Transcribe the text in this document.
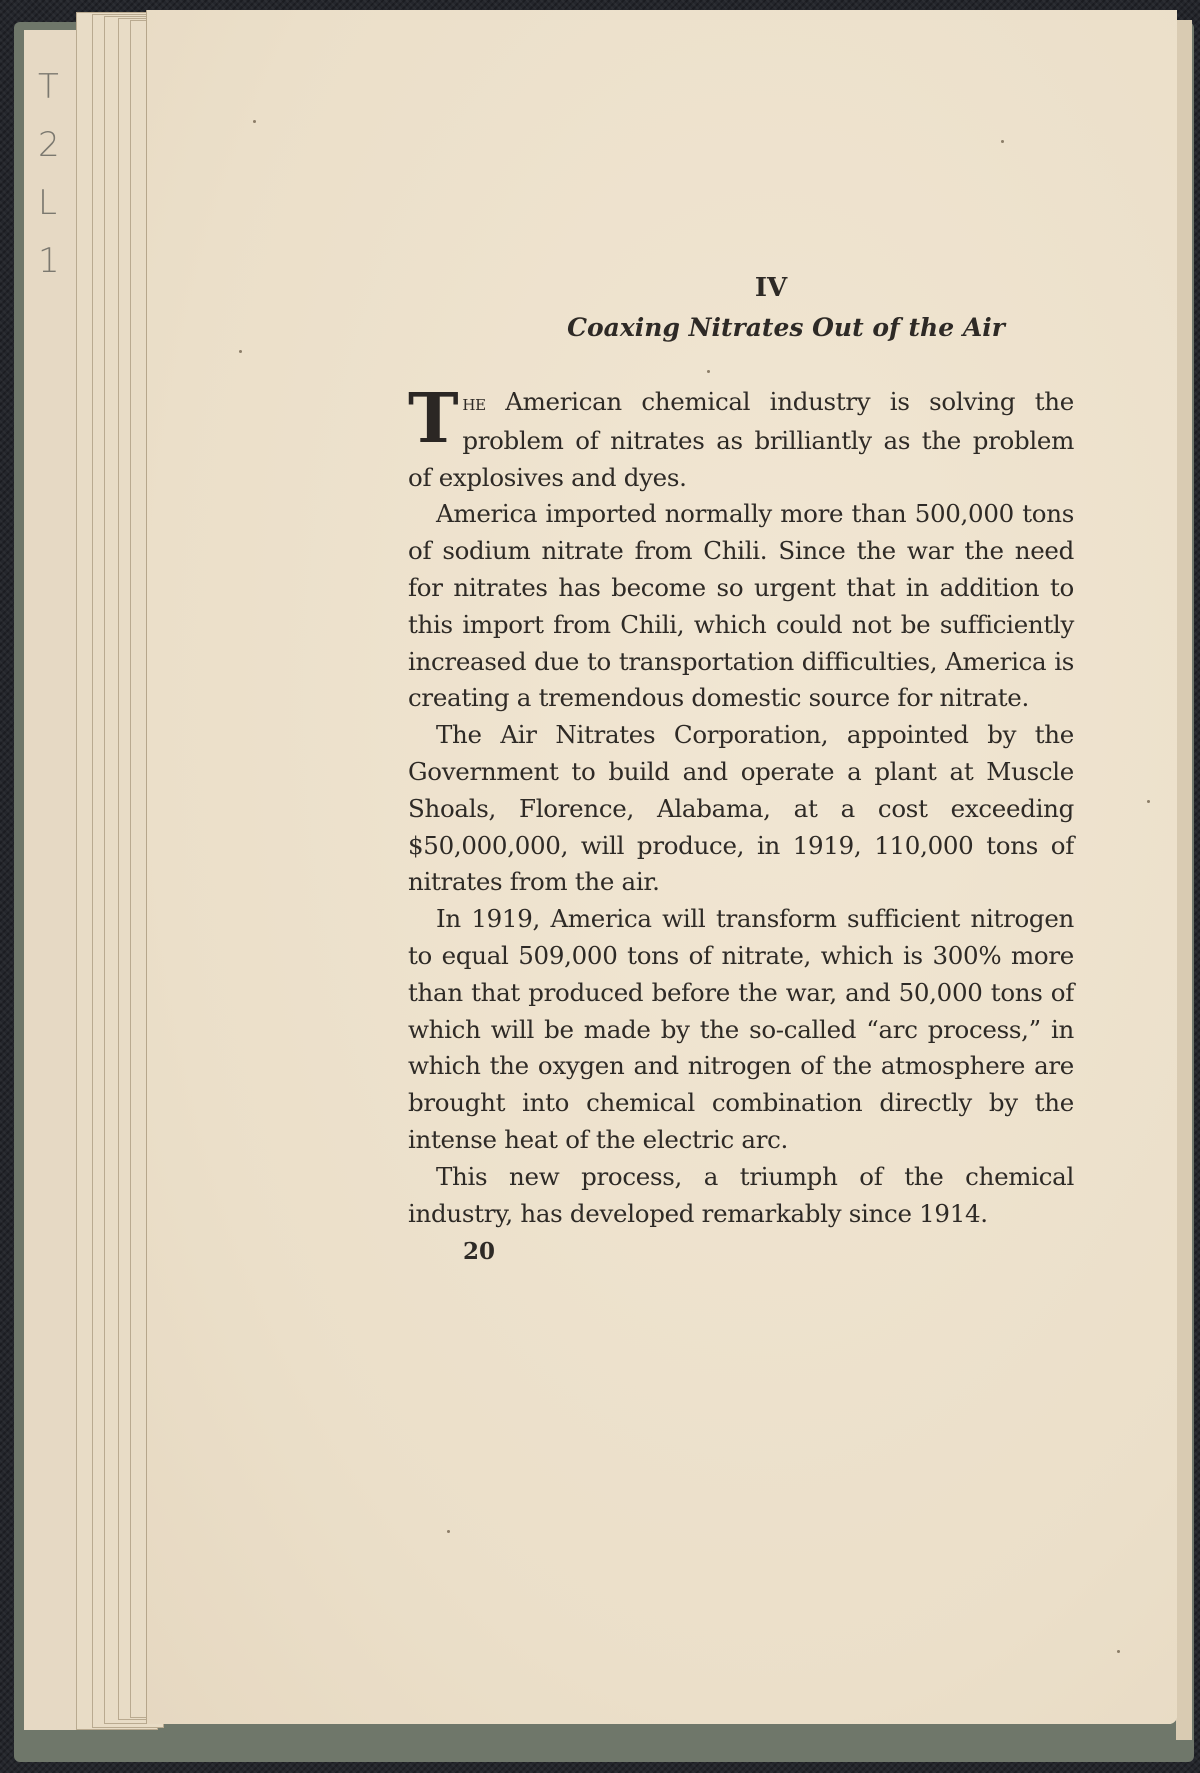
T
2
L
1
IV
Coaxing Nitrates Out of the Air

The American chemical industry is solving the problem of nitrates as brilliantly as the problem of explosives and dyes.

America imported normally more than 500,000 tons of sodium nitrate from Chili. Since the war the need for nitrates has become so urgent that in addition to this import from Chili, which could not be sufficiently increased due to transportation difficulties, America is creating a tremendous domestic source for nitrate.

The Air Nitrates Corporation, appointed by the Government to build and operate a plant at Muscle Shoals, Florence, Alabama, at a cost exceeding $50,000,000, will produce, in 1919, 110,000 tons of nitrates from the air.

In 1919, America will transform sufficient nitrogen to equal 509,000 tons of nitrate, which is 300% more than that produced before the war, and 50,000 tons of which will be made by the so-called “arc process,” in which the oxygen and nitrogen of the atmosphere are brought into chemical combination directly by the intense heat of the electric arc.

This new process, a triumph of the chemical industry, has developed remarkably since 1914.

20
